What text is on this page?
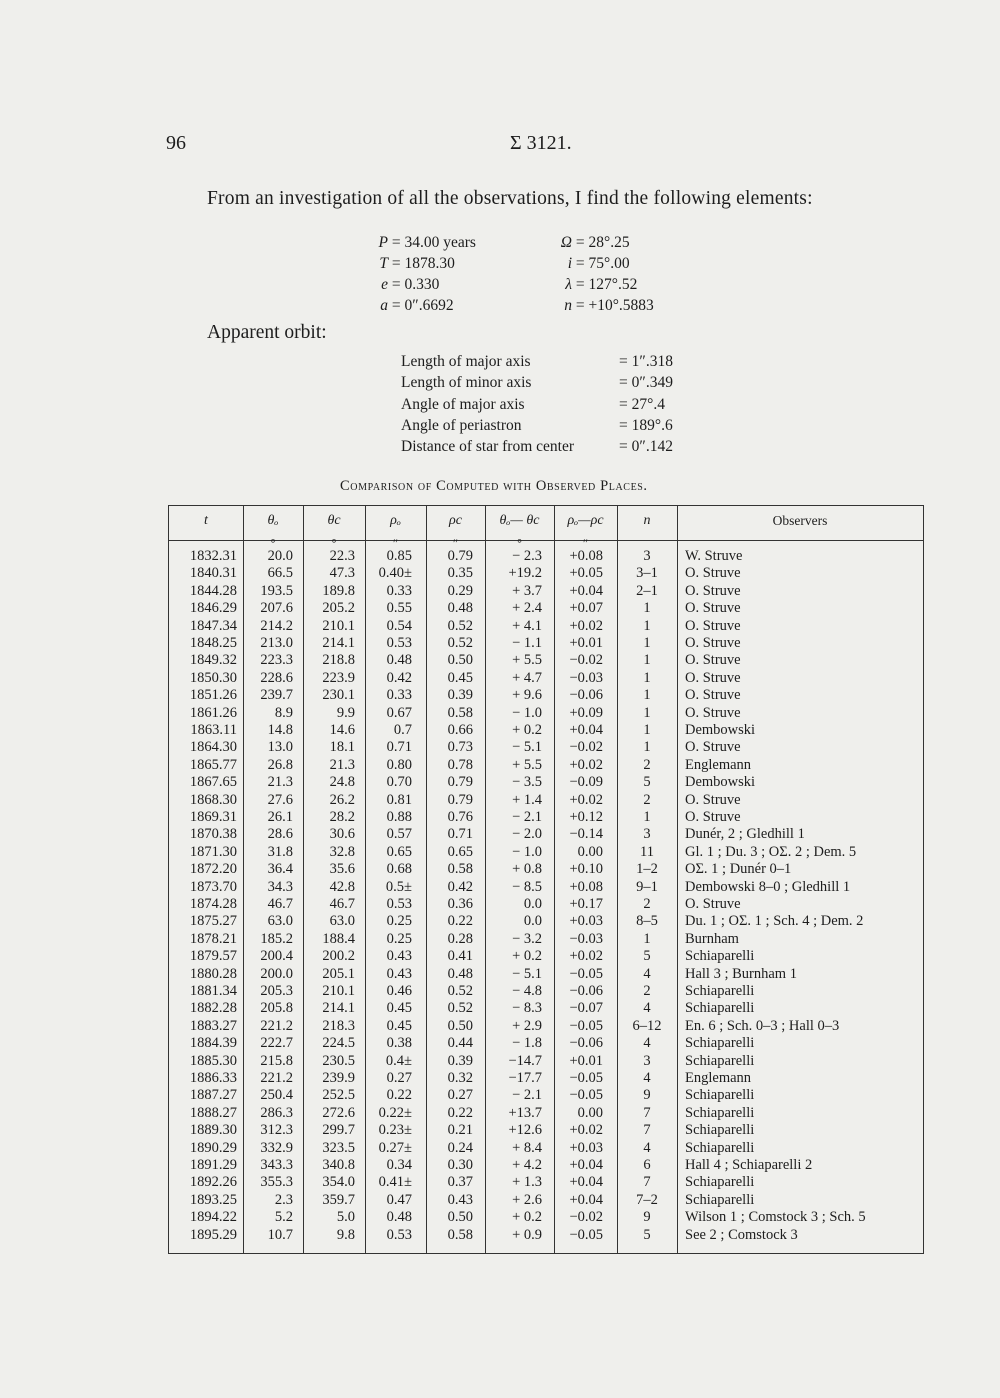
96	Σ 3121.
From an investigation of all the observations, I find the following elements:
P = 34.00 years	Ω = 28°.25
T = 1878.30	i = 75°.00
e = 0.330	λ = 127°.52
a = 0″.6692	n = +10°.5883
Apparent orbit:
Length of major axis	= 1″.318
Length of minor axis	= 0″.349
Angle of major axis	= 27°.4
Angle of periastron	= 189°.6
Distance of star from center	= 0″.142
Comparison of Computed with Observed Places.
t	θₒ	θc	ρₒ	ρc	θₒ— θc	ρₒ—ρc	n	Observers
°	°	″	″	°	″
1832.31	20.0	22.3	0.85	0.79	− 2.3	+0.08	3	W. Struve
1840.31	66.5	47.3	0.40±	0.35	+19.2	+0.05	3–1	O. Struve
1844.28	193.5	189.8	0.33	0.29	+ 3.7	+0.04	2–1	O. Struve
1846.29	207.6	205.2	0.55	0.48	+ 2.4	+0.07	1	O. Struve
1847.34	214.2	210.1	0.54	0.52	+ 4.1	+0.02	1	O. Struve
1848.25	213.0	214.1	0.53	0.52	− 1.1	+0.01	1	O. Struve
1849.32	223.3	218.8	0.48	0.50	+ 5.5	−0.02	1	O. Struve
1850.30	228.6	223.9	0.42	0.45	+ 4.7	−0.03	1	O. Struve
1851.26	239.7	230.1	0.33	0.39	+ 9.6	−0.06	1	O. Struve
1861.26	8.9	9.9	0.67	0.58	− 1.0	+0.09	1	O. Struve
1863.11	14.8	14.6	0.7	0.66	+ 0.2	+0.04	1	Dembowski
1864.30	13.0	18.1	0.71	0.73	− 5.1	−0.02	1	O. Struve
1865.77	26.8	21.3	0.80	0.78	+ 5.5	+0.02	2	Englemann
1867.65	21.3	24.8	0.70	0.79	− 3.5	−0.09	5	Dembowski
1868.30	27.6	26.2	0.81	0.79	+ 1.4	+0.02	2	O. Struve
1869.31	26.1	28.2	0.88	0.76	− 2.1	+0.12	1	O. Struve
1870.38	28.6	30.6	0.57	0.71	− 2.0	−0.14	3	Dunér, 2 ; Gledhill 1
1871.30	31.8	32.8	0.65	0.65	− 1.0	0.00	11	Gl. 1 ; Du. 3 ; OΣ. 2 ; Dem. 5
1872.20	36.4	35.6	0.68	0.58	+ 0.8	+0.10	1–2	OΣ. 1 ; Dunér 0–1
1873.70	34.3	42.8	0.5±	0.42	− 8.5	+0.08	9–1	Dembowski 8–0 ; Gledhill 1
1874.28	46.7	46.7	0.53	0.36	0.0	+0.17	2	O. Struve
1875.27	63.0	63.0	0.25	0.22	0.0	+0.03	8–5	Du. 1 ; OΣ. 1 ; Sch. 4 ; Dem. 2
1878.21	185.2	188.4	0.25	0.28	− 3.2	−0.03	1	Burnham
1879.57	200.4	200.2	0.43	0.41	+ 0.2	+0.02	5	Schiaparelli
1880.28	200.0	205.1	0.43	0.48	− 5.1	−0.05	4	Hall 3 ; Burnham 1
1881.34	205.3	210.1	0.46	0.52	− 4.8	−0.06	2	Schiaparelli
1882.28	205.8	214.1	0.45	0.52	− 8.3	−0.07	4	Schiaparelli
1883.27	221.2	218.3	0.45	0.50	+ 2.9	−0.05	6–12	En. 6 ; Sch. 0–3 ; Hall 0–3
1884.39	222.7	224.5	0.38	0.44	− 1.8	−0.06	4	Schiaparelli
1885.30	215.8	230.5	0.4±	0.39	−14.7	+0.01	3	Schiaparelli
1886.33	221.2	239.9	0.27	0.32	−17.7	−0.05	4	Englemann
1887.27	250.4	252.5	0.22	0.27	− 2.1	−0.05	9	Schiaparelli
1888.27	286.3	272.6	0.22±	0.22	+13.7	0.00	7	Schiaparelli
1889.30	312.3	299.7	0.23±	0.21	+12.6	+0.02	7	Schiaparelli
1890.29	332.9	323.5	0.27±	0.24	+ 8.4	+0.03	4	Schiaparelli
1891.29	343.3	340.8	0.34	0.30	+ 4.2	+0.04	6	Hall 4 ; Schiaparelli 2
1892.26	355.3	354.0	0.41±	0.37	+ 1.3	+0.04	7	Schiaparelli
1893.25	2.3	359.7	0.47	0.43	+ 2.6	+0.04	7–2	Schiaparelli
1894.22	5.2	5.0	0.48	0.50	+ 0.2	−0.02	9	Wilson 1 ; Comstock 3 ; Sch. 5
1895.29	10.7	9.8	0.53	0.58	+ 0.9	−0.05	5	See 2 ; Comstock 3
